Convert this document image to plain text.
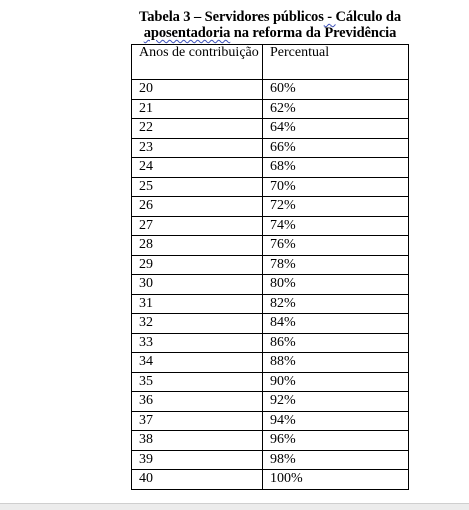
Tabela 3 – Servidores públicos - Cálculo da
aposentadoria na reforma da Previdência
Anos de contribuição	Percentual
20	60%
21	62%
22	64%
23	66%
24	68%
25	70%
26	72%
27	74%
28	76%
29	78%
30	80%
31	82%
32	84%
33	86%
34	88%
35	90%
36	92%
37	94%
38	96%
39	98%
40	100%
